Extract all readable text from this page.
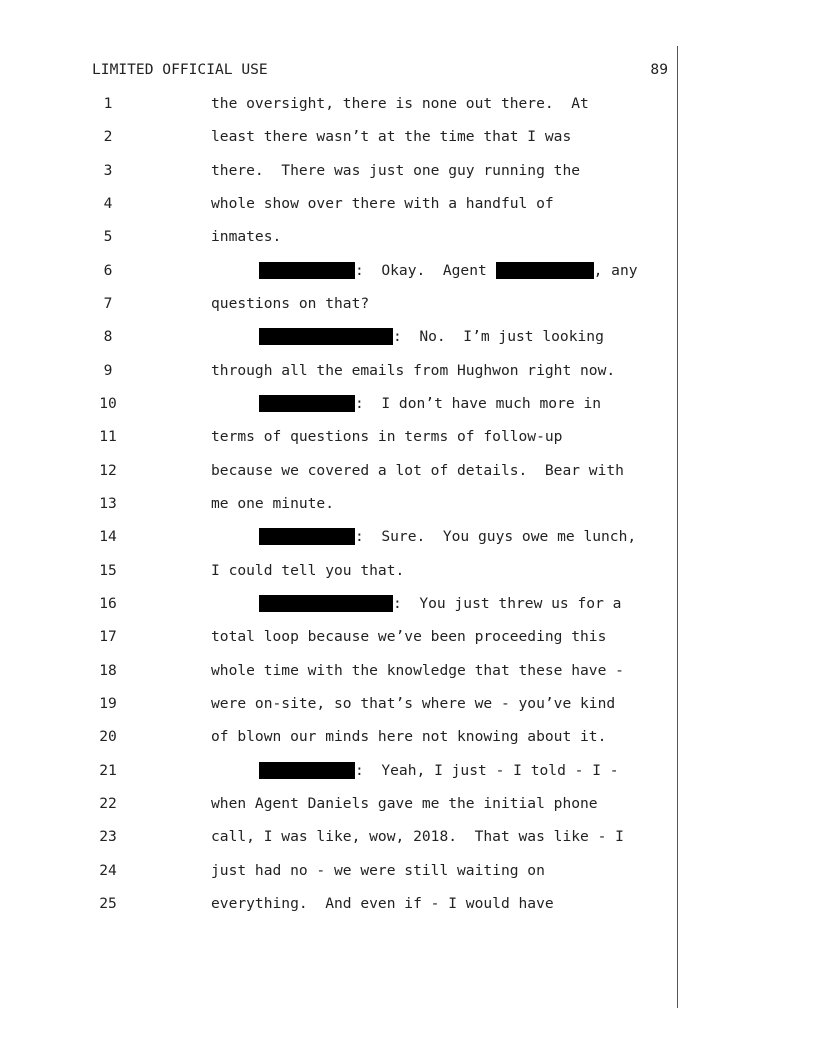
LIMITED OFFICIAL USE	89

1

	the oversight, there is none out there.  At

2

	least there wasn’t at the time that I was

3

	there.  There was just one guy running the

4

	whole show over there with a handful of

5

	inmates.

6

	:  Okay.  Agent	, any

7

	questions on that?

8

	:  No.  I’m just looking

9

	through all the emails from Hughwon right now.

10

	:  I don’t have much more in

11

	terms of questions in terms of follow-up

12

	because we covered a lot of details.  Bear with

13

	me one minute.

14

	:  Sure.  You guys owe me lunch,

15

	I could tell you that.

16

	:  You just threw us for a

17

	total loop because we’ve been proceeding this

18

	whole time with the knowledge that these have -

19

	were on-site, so that’s where we - you’ve kind

20

	of blown our minds here not knowing about it.

21

	:  Yeah, I just - I told - I -

22

	when Agent Daniels gave me the initial phone

23

	call, I was like, wow, 2018.  That was like - I

24

	just had no - we were still waiting on

25

	everything.  And even if - I would have
